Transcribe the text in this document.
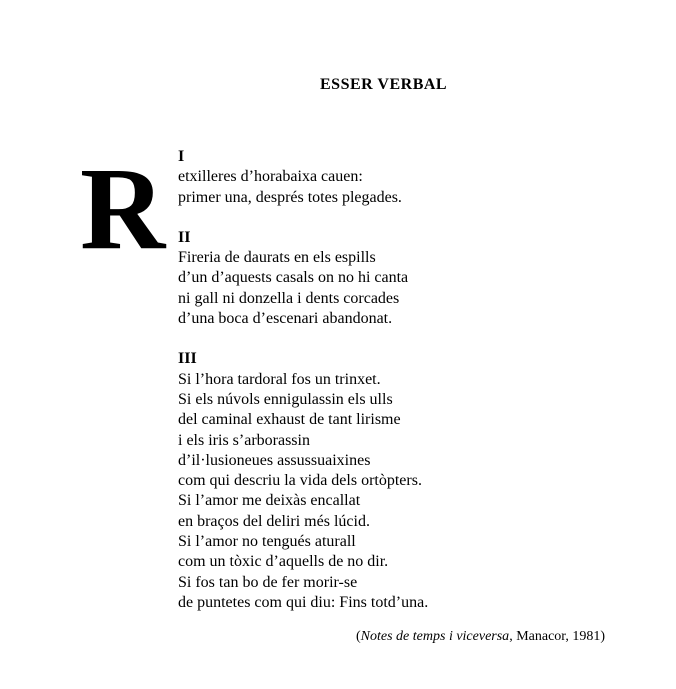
ESSER VERBAL
R I
etxilleres d’horabaixa cauen:
primer una, després totes plegades.
II
Fireria de daurats en els espills
d’un d’aquests casals on no hi canta
ni gall ni donzella i dents corcades
d’una boca d’escenari abandonat.
III
Si l’hora tardoral fos un trinxet.
Si els núvols ennigulassin els ulls
del caminal exhaust de tant lirisme
i els iris s’arborassin
d’il·lusioneues assussuaixines
com qui descriu la vida dels ortòpters.
Si l’amor me deixàs encallat
en braços del deliri més lúcid.
Si l’amor no tengués aturall
com un tòxic d’aquells de no dir.
Si fos tan bo de fer morir-se
de puntetes com qui diu: Fins totd’una.
(Notes de temps i viceversa, Manacor, 1981)
